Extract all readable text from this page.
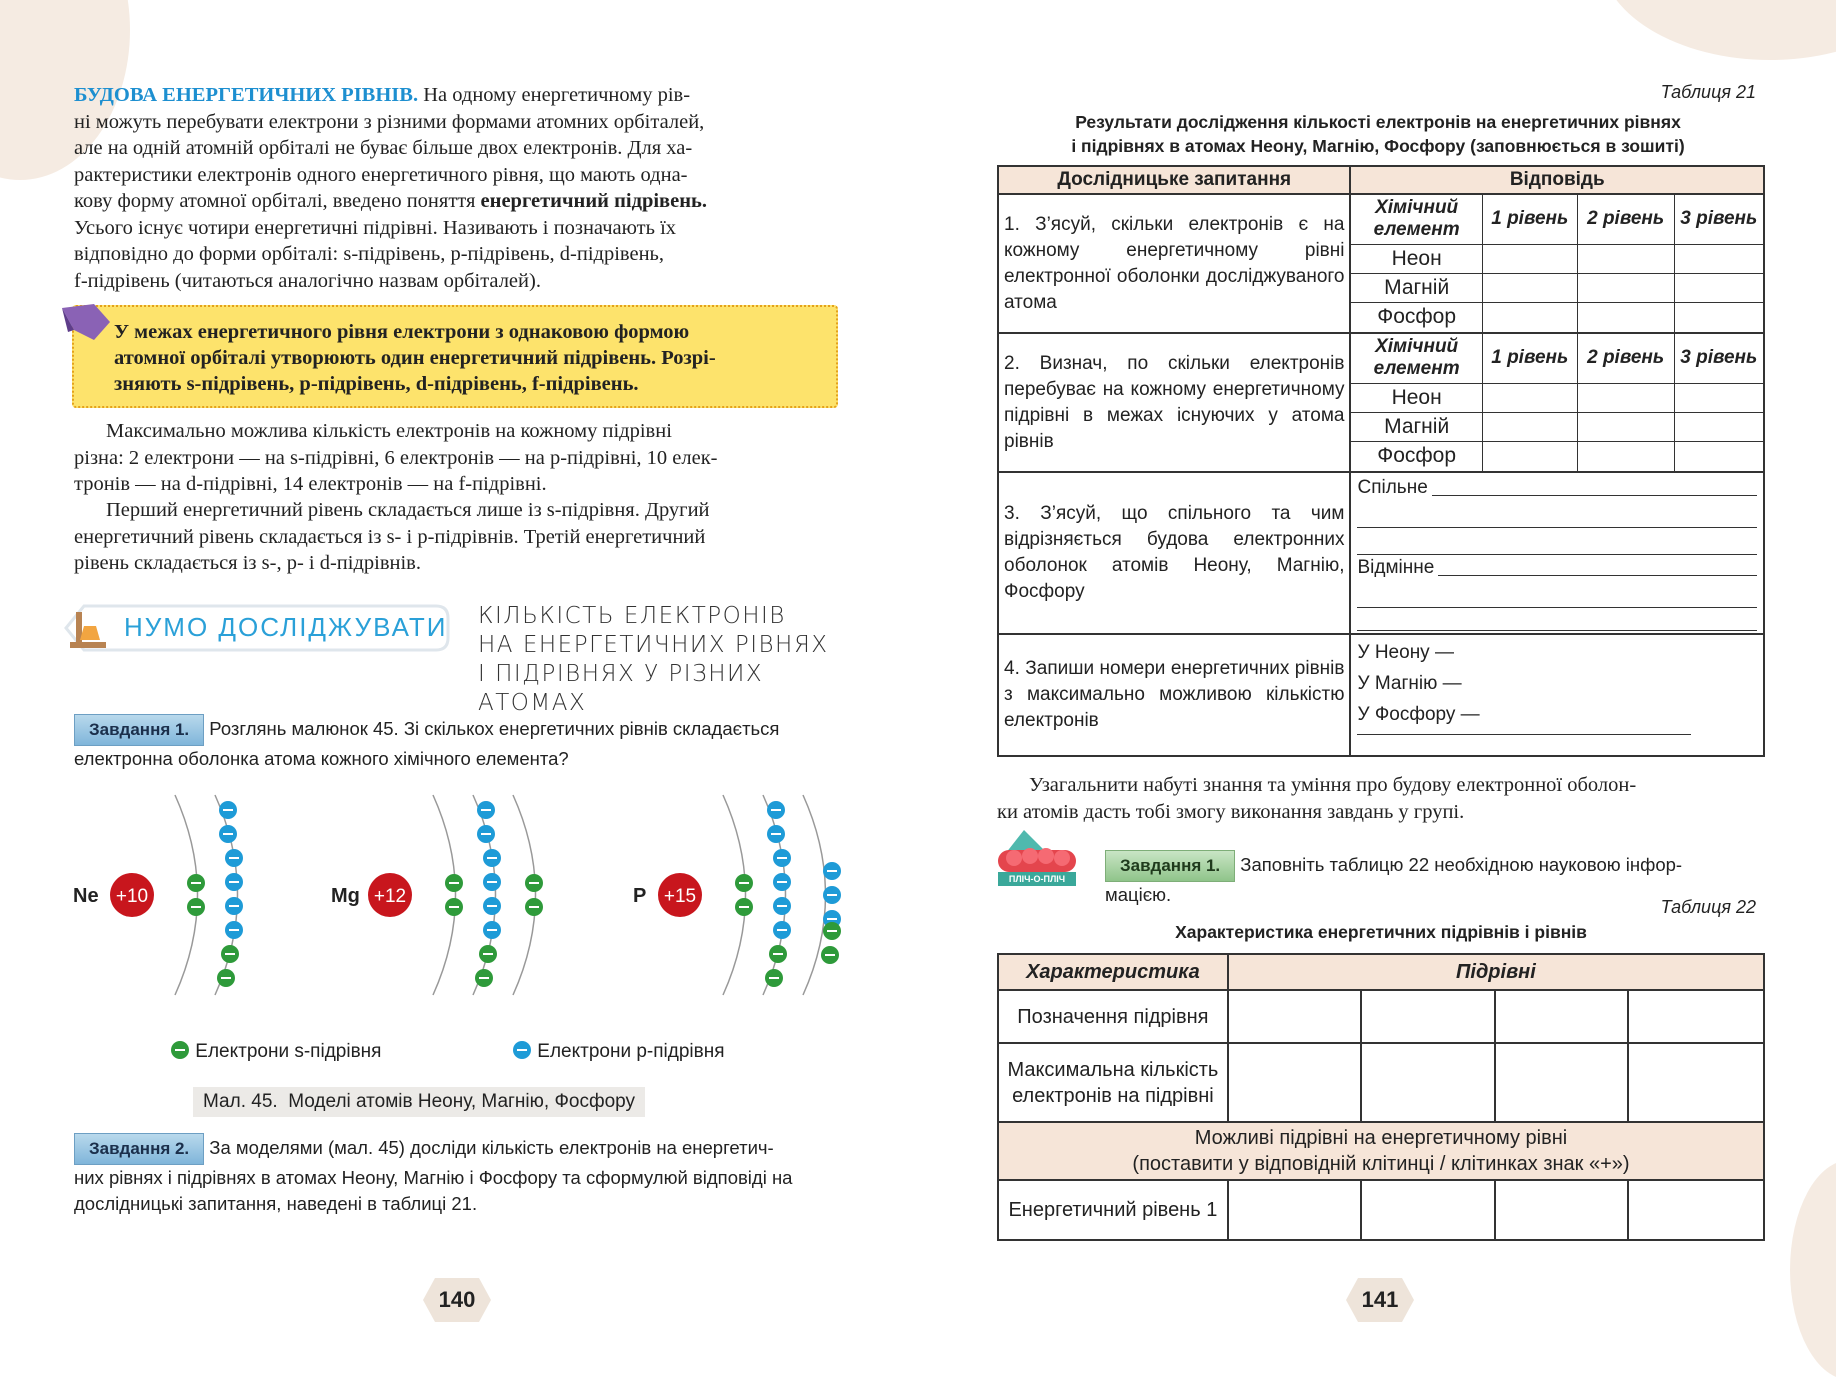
БУДОВА ЕНЕРГЕТИЧНИХ РІВНІВ. На одному енергетичному рів-

ні можуть перебувати електрони з різними формами атомних орбіталей,

але на одній атомній орбіталі не буває більше двох електронів. Для ха-

рактеристики електронів одного енергетичного рівня, що мають одна-

кову форму атомної орбіталі, введено поняття енергетичний підрівень.

Усього існує чотири енергетичні підрівні. Називають і позначають їх

відповідно до форми орбіталі: s-підрівень, p-підрівень, d-підрівень,

f-підрівень (читаються аналогічно назвам орбіталей).

У межах енергетичного рівня електрони з однаковою формою

атомної орбіталі утворюють один енергетичний підрівень. Розрі-

зняють s-підрівень, p-підрівень, d-підрівень, f-підрівень.

Максимально можлива кількість електронів на кожному підрівні

різна: 2 електрони — на s-підрівні, 6 електронів — на p-підрівні, 10 елек-

тронів — на d-підрівні, 14 електронів — на f-підрівні.

Перший енергетичний рівень складається лише із s-підрівня. Другий

енергетичний рівень складається із s- і p-підрівнів. Третій енергетичний

рівень складається із s-, p- і d-підрівнів.

НУМО ДОСЛІДЖУВАТИ КІЛЬКІСТЬ ЕЛЕКТРОНІВ
НА ЕНЕРГЕТИЧНИХ РІВНЯХ
І ПІДРІВНЯХ У РІЗНИХ
АТОМАХ
Завдання 1. Розглянь малюнок 45. Зі скількох енергетичних рівнів складається
електронна оболонка атома кожного хімічного елемента?
Ne +10	Mg +12	P +15
Електрони s-підрівня	Електрони p-підрівня
Мал. 45. Моделі атомів Неону, Магнію, Фосфору
Завдання 2. За моделями (мал. 45) досліди кількість електронів на енергетич-
них рівнях і підрівнях в атомах Неону, Магнію і Фосфору та сформулюй відповіді на
дослідницькі запитання, наведені в таблиці 21.
140
Таблиця 21
Результати дослідження кількості електронів на енергетичних рівнях
і підрівнях в атомах Неону, Магнію, Фосфору (заповнюється в зошиті)
Дослідницьке запитання	Відповідь			
1. З’ясуй, скільки електронів є на кожному енергетичному рівні електронної оболонки досліджуваного атома	Хімічний елемент	1 рівень	2 рівень	3 рівень
	Неон			
	Магній			
	Фосфор			
2. Визнач, по скільки електронів перебуває на кожному енергетичному підрівні в межах існуючих у атома рівнів	Хімічний елемент	1 рівень	2 рівень	3 рівень
	Неон			
	Магній			
	Фосфор			
3. З’ясуй, що спільного та чим відрізняється будова електронних оболонок атомів Неону, Магнію, Фосфору	Спільне
Відмінне			

4. Запиши номери енергетичних рівнів з максимально можливою кількістю електронів	У Неону —
У Магнію —
У Фосфору —			

Узагальнити набуті знання та уміння про будову електронної оболон-

ки атомів дасть тобі змогу виконання завдань у групі.

ПЛІЧ-О-ПЛІЧ
Завдання 1. Заповніть таблицю 22 необхідною науковою інфор-
мацією.
Таблиця 22
Характеристика енергетичних підрівнів і рівнів
Характеристика	Підрівні			
Позначення підрівня				
Максимальна кількість електронів на підрівні				

Можливі підрівні на енергетичному рівні
(поставити у відповідній клітинці / клітинках знак «+»)				

Енергетичний рівень 1				
141
